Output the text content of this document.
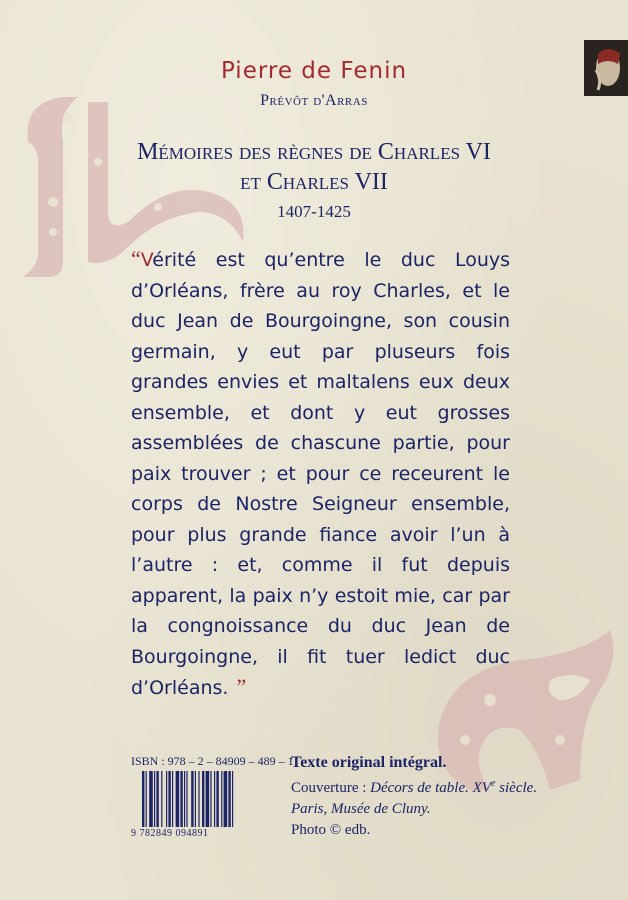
Pierre de Fenin
Prévôt d'Arras
Mémoires des règnes de Charles VI
et Charles VII
1407-1425
“Vérité est qu’entre le duc Louys d’Orléans, frère au roy Charles, et le duc Jean de Bourgoingne, son cousin germain, y eut par pluseurs fois grandes envies et maltalens eux deux ensemble, et dont y eut grosses assemblées de chascune partie, pour paix trouver ; et pour ce receurent le corps de Nostre Seigneur ensemble, pour plus grande fiance avoir l’un à l’autre : et, comme il fut depuis apparent, la paix n’y estoit mie, car par la congnoissance du duc Jean de Bourgoingne, il fit tuer ledict duc d’Orléans. ”
ISBN : 978 – 2 – 84909 – 489 – 1
9 782849 094891
Texte original intégral.
Couverture : Décors de table. XVe siècle.
Paris, Musée de Cluny.
Photo © edb.
